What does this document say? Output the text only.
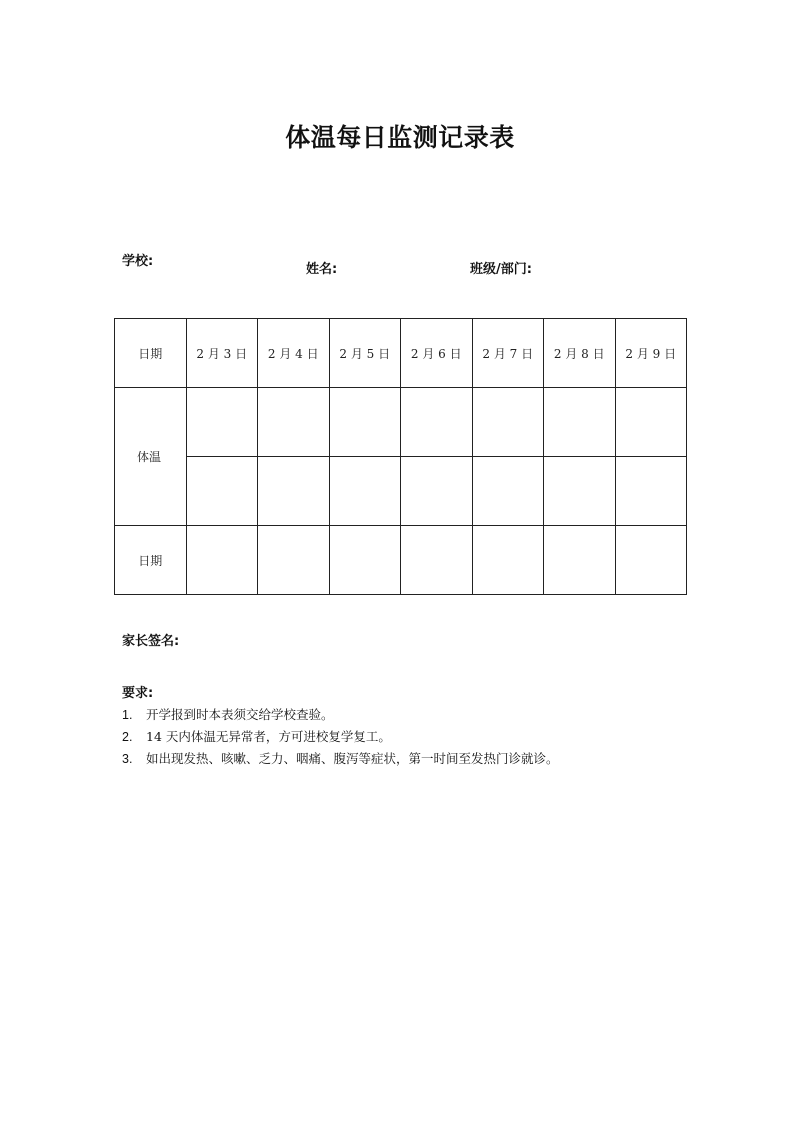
体温每日监测记录表
学校:
姓名:	班级/部门:
日期	2 月 3 日	2 月 4 日	2 月 5 日	2 月 6 日	2 月 7 日	2 月 8 日	2 月 9 日

体温							

日期							
家长签名:
要求:
1. 开学报到时本表须交给学校查验。
2. 14 天内体温无异常者，方可进校复学复工。
3. 如出现发热、咳嗽、乏力、咽痛、腹泻等症状，第一时间至发热门诊就诊。
